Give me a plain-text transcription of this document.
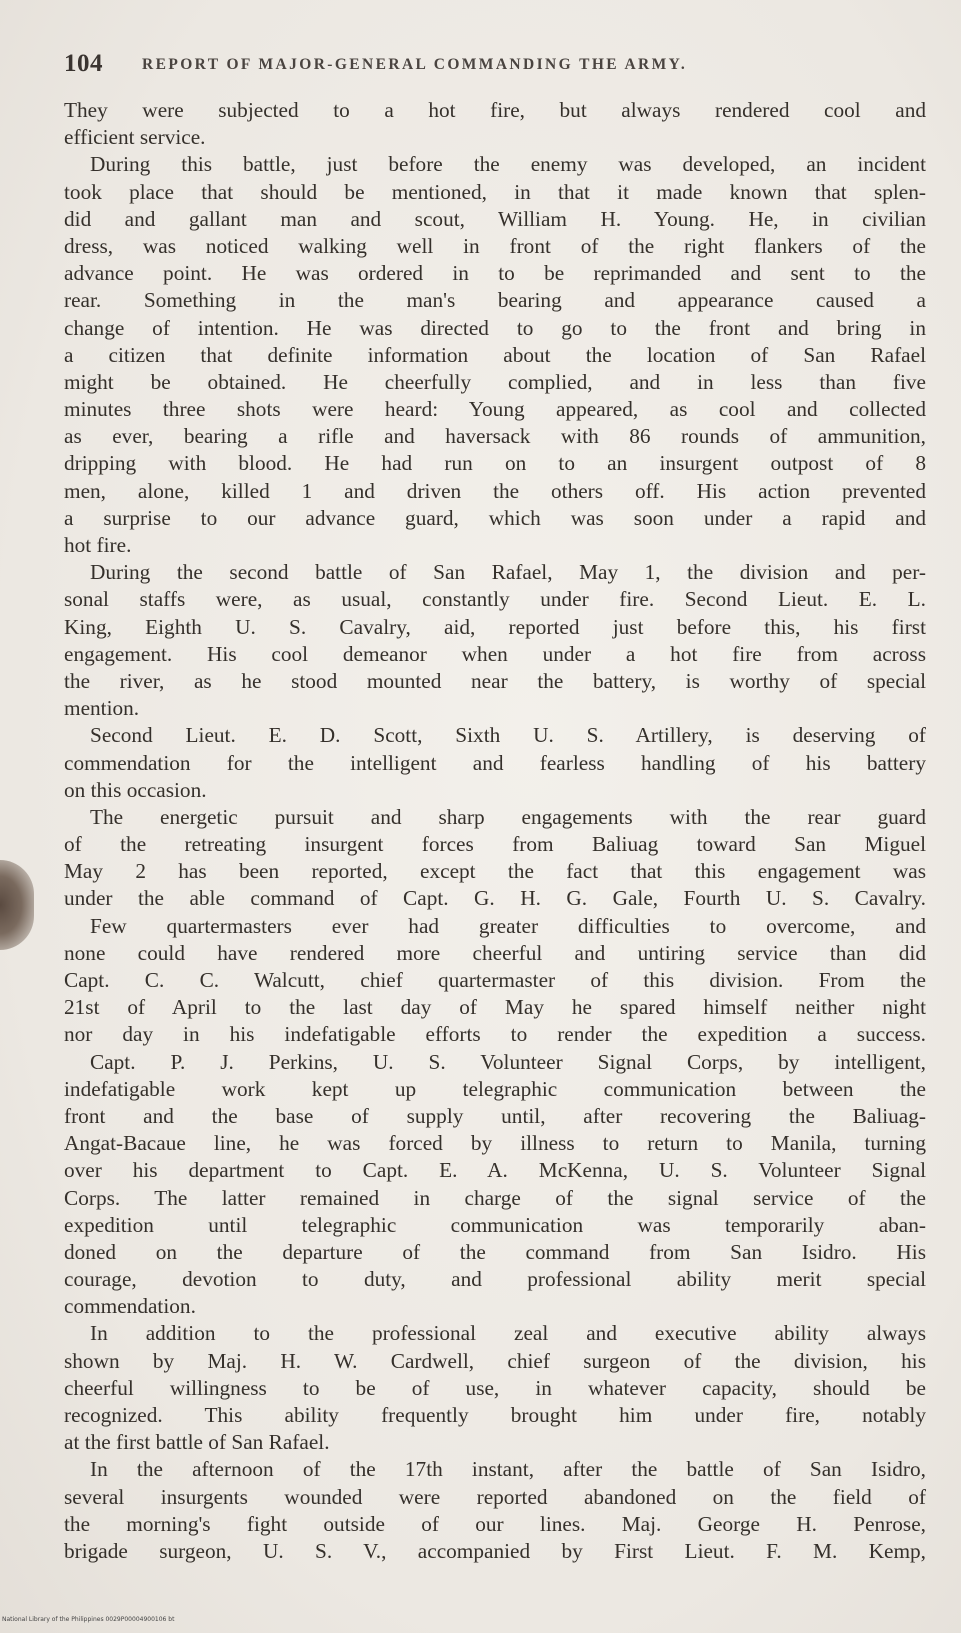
104	REPORT OF MAJOR-GENERAL COMMANDING THE ARMY.
They were subjected to a hot fire, but always rendered cool and
efficient service.
During this battle, just before the enemy was developed, an incident
took place that should be mentioned, in that it made known that splen-
did and gallant man and scout, William H. Young. He, in civilian
dress, was noticed walking well in front of the right flankers of the
advance point. He was ordered in to be reprimanded and sent to the
rear. Something in the man's bearing and appearance caused a
change of intention. He was directed to go to the front and bring in
a citizen that definite information about the location of San Rafael
might be obtained. He cheerfully complied, and in less than five
minutes three shots were heard: Young appeared, as cool and collected
as ever, bearing a rifle and haversack with 86 rounds of ammunition,
dripping with blood. He had run on to an insurgent outpost of 8
men, alone, killed 1 and driven the others off. His action prevented
a surprise to our advance guard, which was soon under a rapid and
hot fire.
During the second battle of San Rafael, May 1, the division and per-
sonal staffs were, as usual, constantly under fire. Second Lieut. E. L.
King, Eighth U. S. Cavalry, aid, reported just before this, his first
engagement. His cool demeanor when under a hot fire from across
the river, as he stood mounted near the battery, is worthy of special
mention.
Second Lieut. E. D. Scott, Sixth U. S. Artillery, is deserving of
commendation for the intelligent and fearless handling of his battery
on this occasion.
The energetic pursuit and sharp engagements with the rear guard
of the retreating insurgent forces from Baliuag toward San Miguel
May 2 has been reported, except the fact that this engagement was
under the able command of Capt. G. H. G. Gale, Fourth U. S. Cavalry.
Few quartermasters ever had greater difficulties to overcome, and
none could have rendered more cheerful and untiring service than did
Capt. C. C. Walcutt, chief quartermaster of this division. From the
21st of April to the last day of May he spared himself neither night
nor day in his indefatigable efforts to render the expedition a success.
Capt. P. J. Perkins, U. S. Volunteer Signal Corps, by intelligent,
indefatigable work kept up telegraphic communication between the
front and the base of supply until, after recovering the Baliuag-
Angat-Bacaue line, he was forced by illness to return to Manila, turning
over his department to Capt. E. A. McKenna, U. S. Volunteer Signal
Corps. The latter remained in charge of the signal service of the
expedition until telegraphic communication was temporarily aban-
doned on the departure of the command from San Isidro. His
courage, devotion to duty, and professional ability merit special
commendation.
In addition to the professional zeal and executive ability always
shown by Maj. H. W. Cardwell, chief surgeon of the division, his
cheerful willingness to be of use, in whatever capacity, should be
recognized. This ability frequently brought him under fire, notably
at the first battle of San Rafael.
In the afternoon of the 17th instant, after the battle of San Isidro,
several insurgents wounded were reported abandoned on the field of
the morning's fight outside of our lines. Maj. George H. Penrose,
brigade surgeon, U. S. V., accompanied by First Lieut. F. M. Kemp,
National Library of the Philippines 0029P00004900106 bt
